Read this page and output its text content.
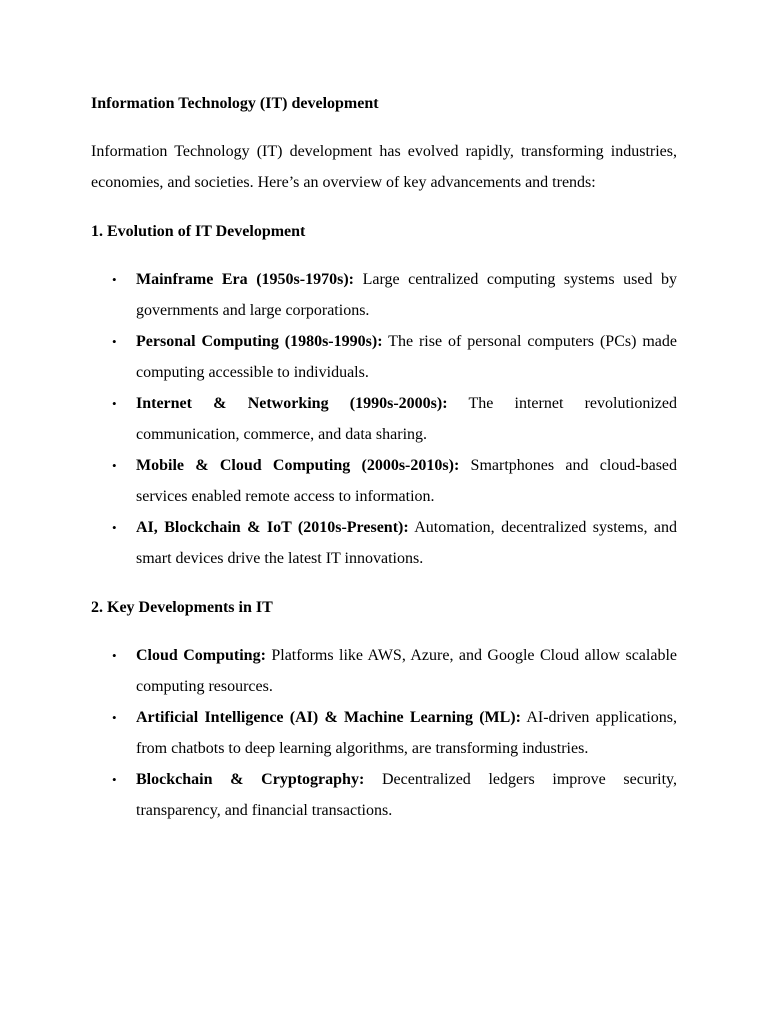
Information Technology (IT) development
Information Technology (IT) development has evolved rapidly, transforming industries, economies, and societies. Here’s an overview of key advancements and trends:
1. Evolution of IT Development
• Mainframe Era (1950s-1970s): Large centralized computing systems used by governments and large corporations.
• Personal Computing (1980s-1990s): The rise of personal computers (PCs) made computing accessible to individuals.
• Internet & Networking (1990s-2000s): The internet revolutionized communication, commerce, and data sharing.
• Mobile & Cloud Computing (2000s-2010s): Smartphones and cloud-based services enabled remote access to information.
• AI, Blockchain & IoT (2010s-Present): Automation, decentralized systems, and smart devices drive the latest IT innovations.
2. Key Developments in IT
• Cloud Computing: Platforms like AWS, Azure, and Google Cloud allow scalable computing resources.
• Artificial Intelligence (AI) & Machine Learning (ML): AI-driven applications, from chatbots to deep learning algorithms, are transforming industries.
• Blockchain & Cryptography: Decentralized ledgers improve security, transparency, and financial transactions.
